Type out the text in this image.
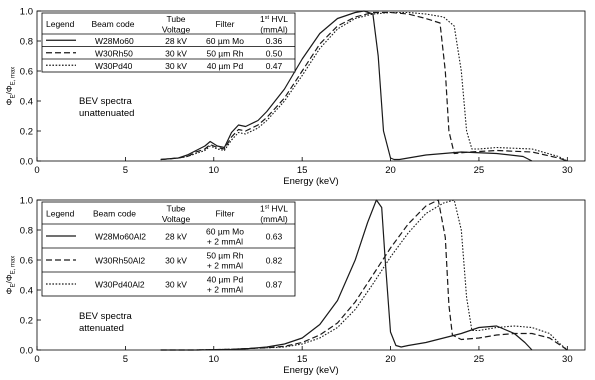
0.0
0.2
0.4
0.6
0.8
1.0
0	5	10	15	20	25	30
Energy (keV)
$\Phi_E/\Phi_{E, max}$
BEV spectra
unattenuated
Legend Beam code	Tube
Voltage
Filter	1st HVL
(mmAl)
W28Mo60	28 kV 60 µm Mo	0.36
W30Rh50	30 kV 50 µm Rh	0.50
W30Pd40	30 kV 40 µm Pd	0.47
0.0
0.2
0.4
0.6
0.8
1.0
0	5	10	15	20	25	30
Energy (keV)
$\Phi_E/\Phi_{E, max}$
BEV spectra
attenuated
Legend Beam code	Tube
Voltage
Filter	1st HVL
(mmAl)
W28Mo60Al2 28 kV 60 µm Mo
+ 2 mmAl	0.63
W30Rh50Al2 30 kV 50 µm Rh
+ 2 mmAl	0.82
W30Pd40Al2 30 kV 40 µm Pd
+ 2 mmAl	0.87
